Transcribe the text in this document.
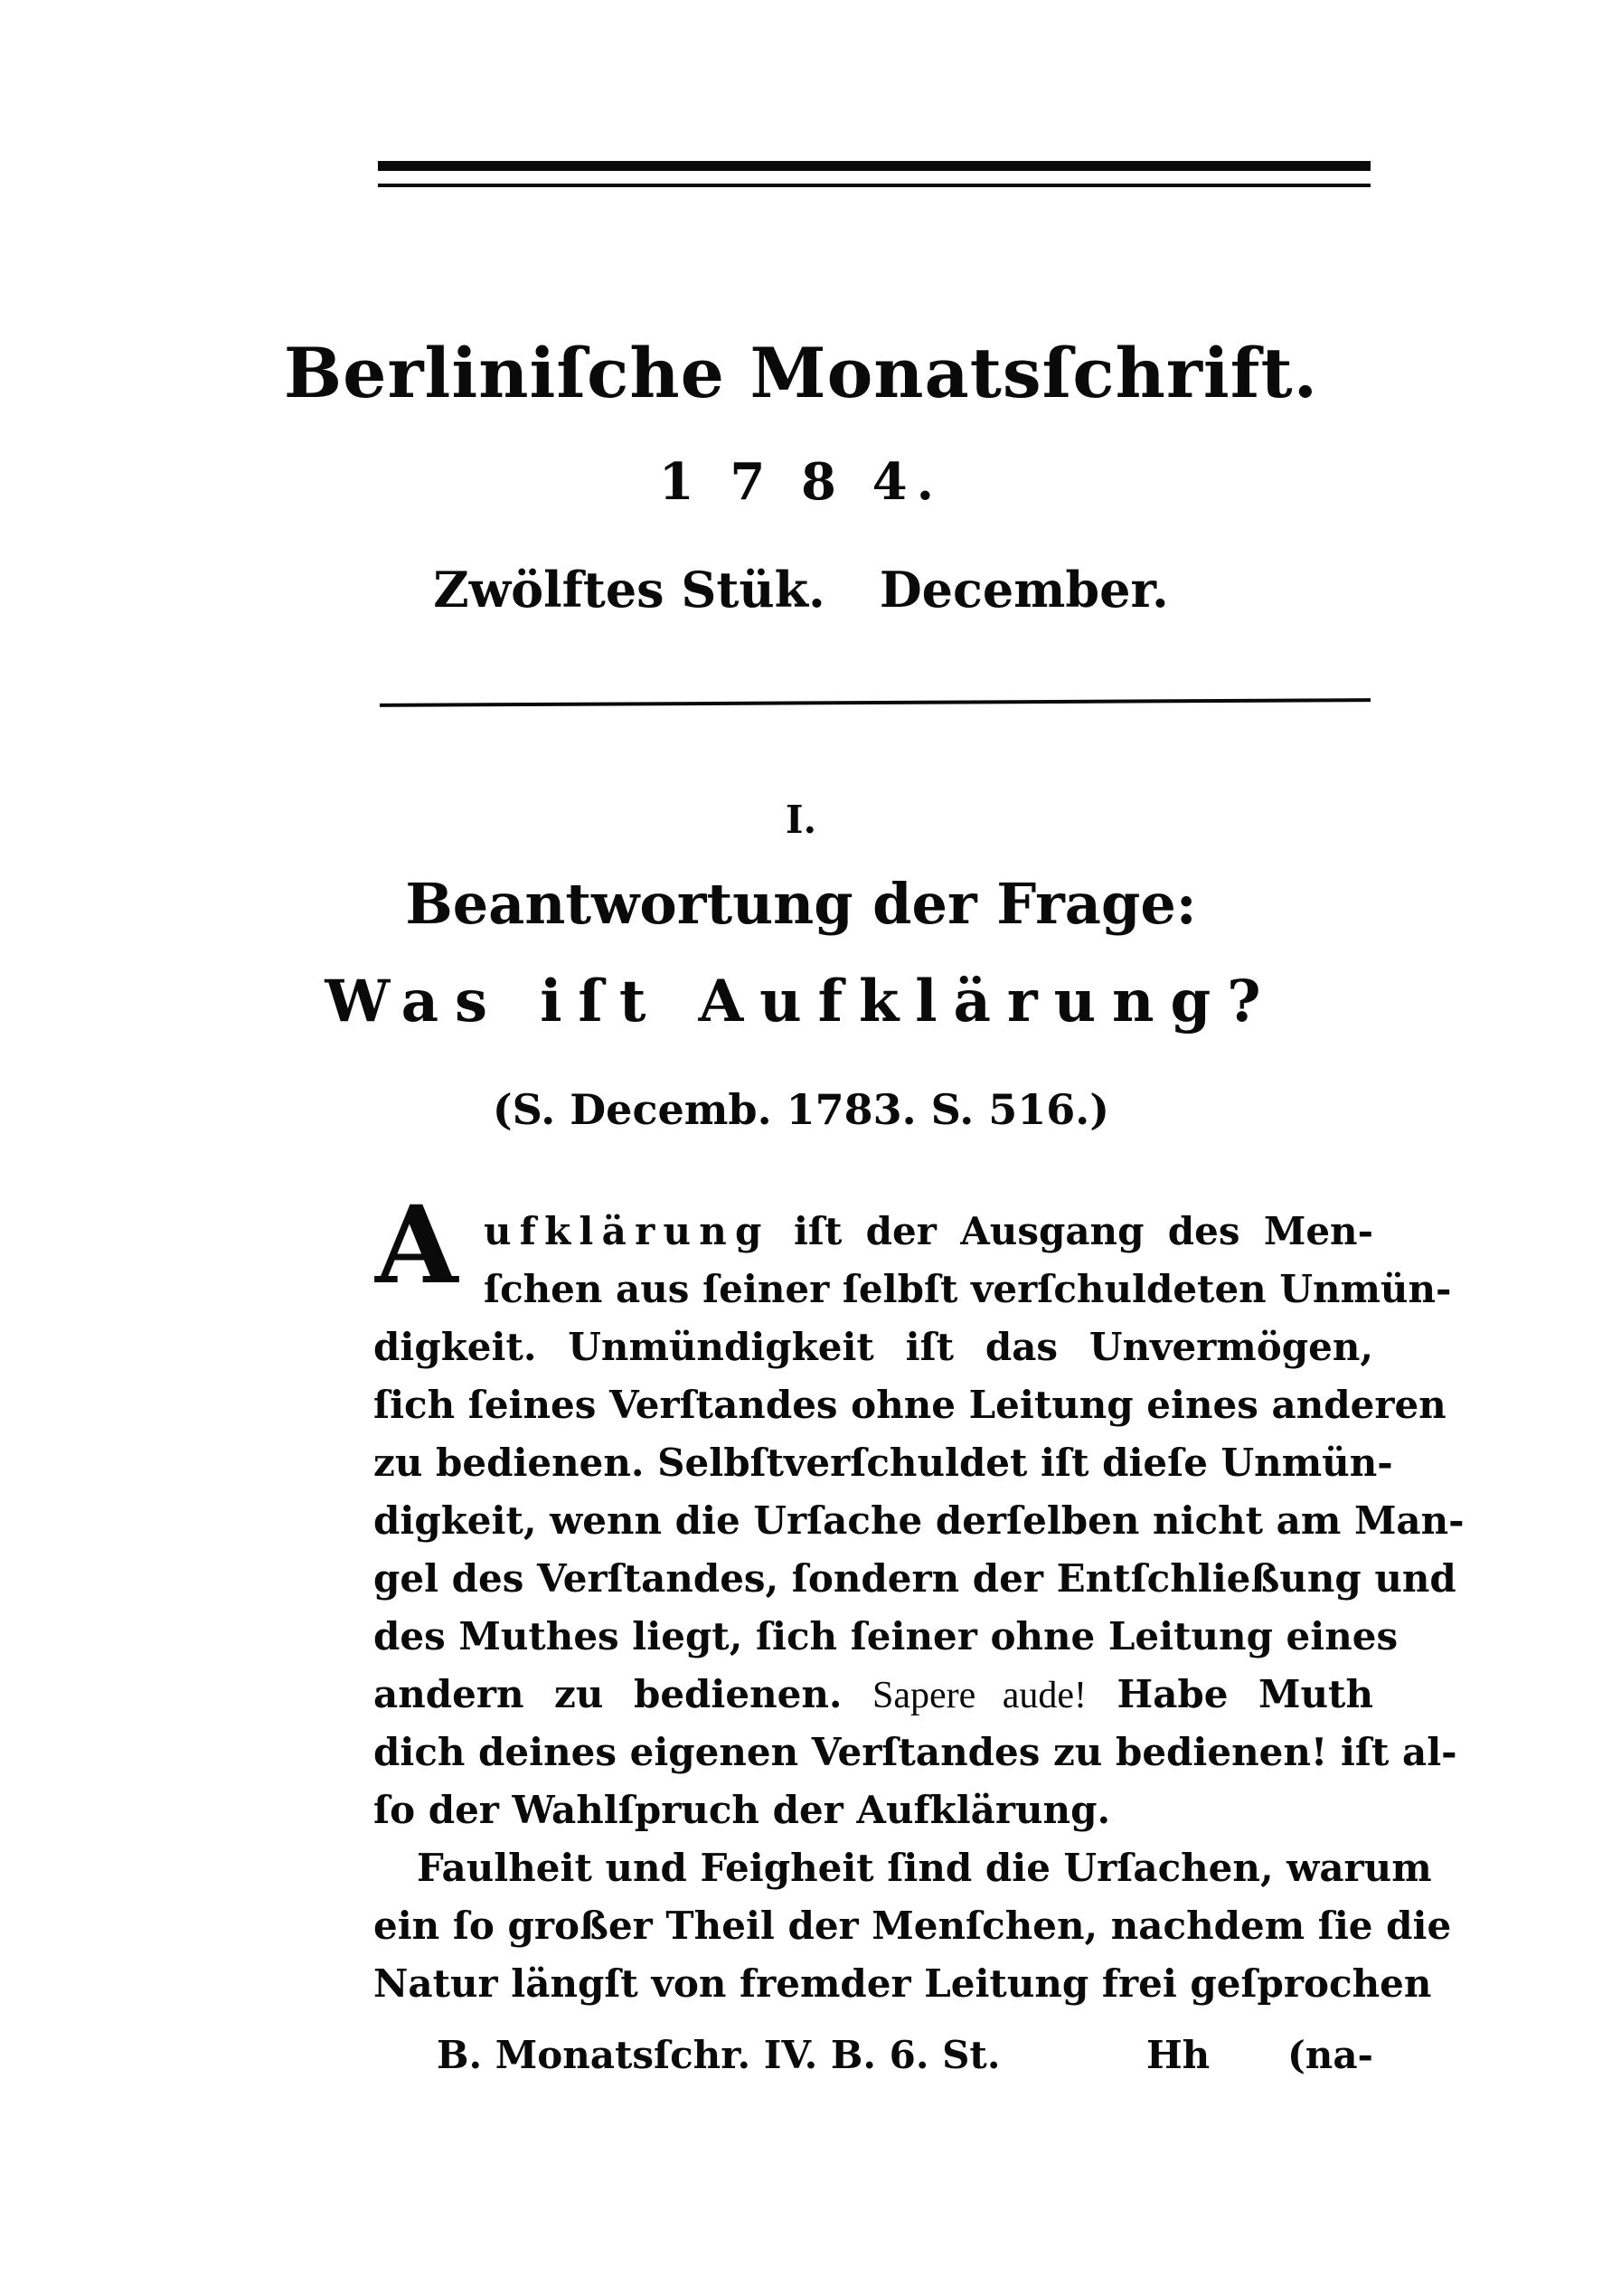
Berliniſche Monatsſchrift.
1 7 8 4.
Zwölftes Stük. December.
I.
Beantwortung der Frage:
Was iſt Aufklärung?
(S. Decemb. 1783. S. 516.)
A ufklärung iſt der Ausgang des Men-
ſchen aus ſeiner ſelbſt verſchuldeten Unmün-
digkeit. Unmündigkeit iſt das Unvermögen,
ſich ſeines Verſtandes ohne Leitung eines anderen
zu bedienen. Selbſtverſchuldet iſt dieſe Unmün-
digkeit, wenn die Urſache derſelben nicht am Man-
gel des Verſtandes, ſondern der Entſchließung und
des Muthes liegt, ſich ſeiner ohne Leitung eines
andern zu bedienen. Sapere aude! Habe Muth
dich deines eigenen Verſtandes zu bedienen! iſt al-
ſo der Wahlſpruch der Aufklärung.
Faulheit und Feigheit ſind die Urſachen, warum
ein ſo großer Theil der Menſchen, nachdem ſie die
Natur längſt von fremder Leitung frei geſprochen
B. Monatsſchr. IV. B. 6. St.	Hh (na-
